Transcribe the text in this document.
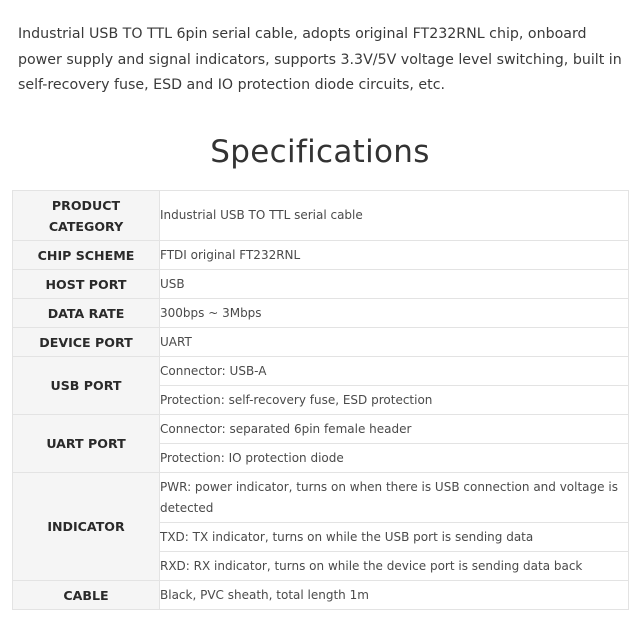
Industrial USB TO TTL 6pin serial cable, adopts original FT232RNL chip, onboard power supply and signal indicators, supports 3.3V/5V voltage level switching, built in self-recovery fuse, ESD and IO protection diode circuits, etc.

Specifications
PRODUCT CATEGORY	Industrial USB TO TTL serial cable
CHIP SCHEME	FTDI original FT232RNL
HOST PORT	USB
DATA RATE	300bps ~ 3Mbps
DEVICE PORT	UART
USB PORT	Connector: USB-A
	Protection: self-recovery fuse, ESD protection
UART PORT	Connector: separated 6pin female header
	Protection: IO protection diode
INDICATOR	PWR: power indicator, turns on when there is USB connection and voltage is detected
	TXD: TX indicator, turns on while the USB port is sending data
	RXD: RX indicator, turns on while the device port is sending data back
CABLE	Black, PVC sheath, total length 1m
